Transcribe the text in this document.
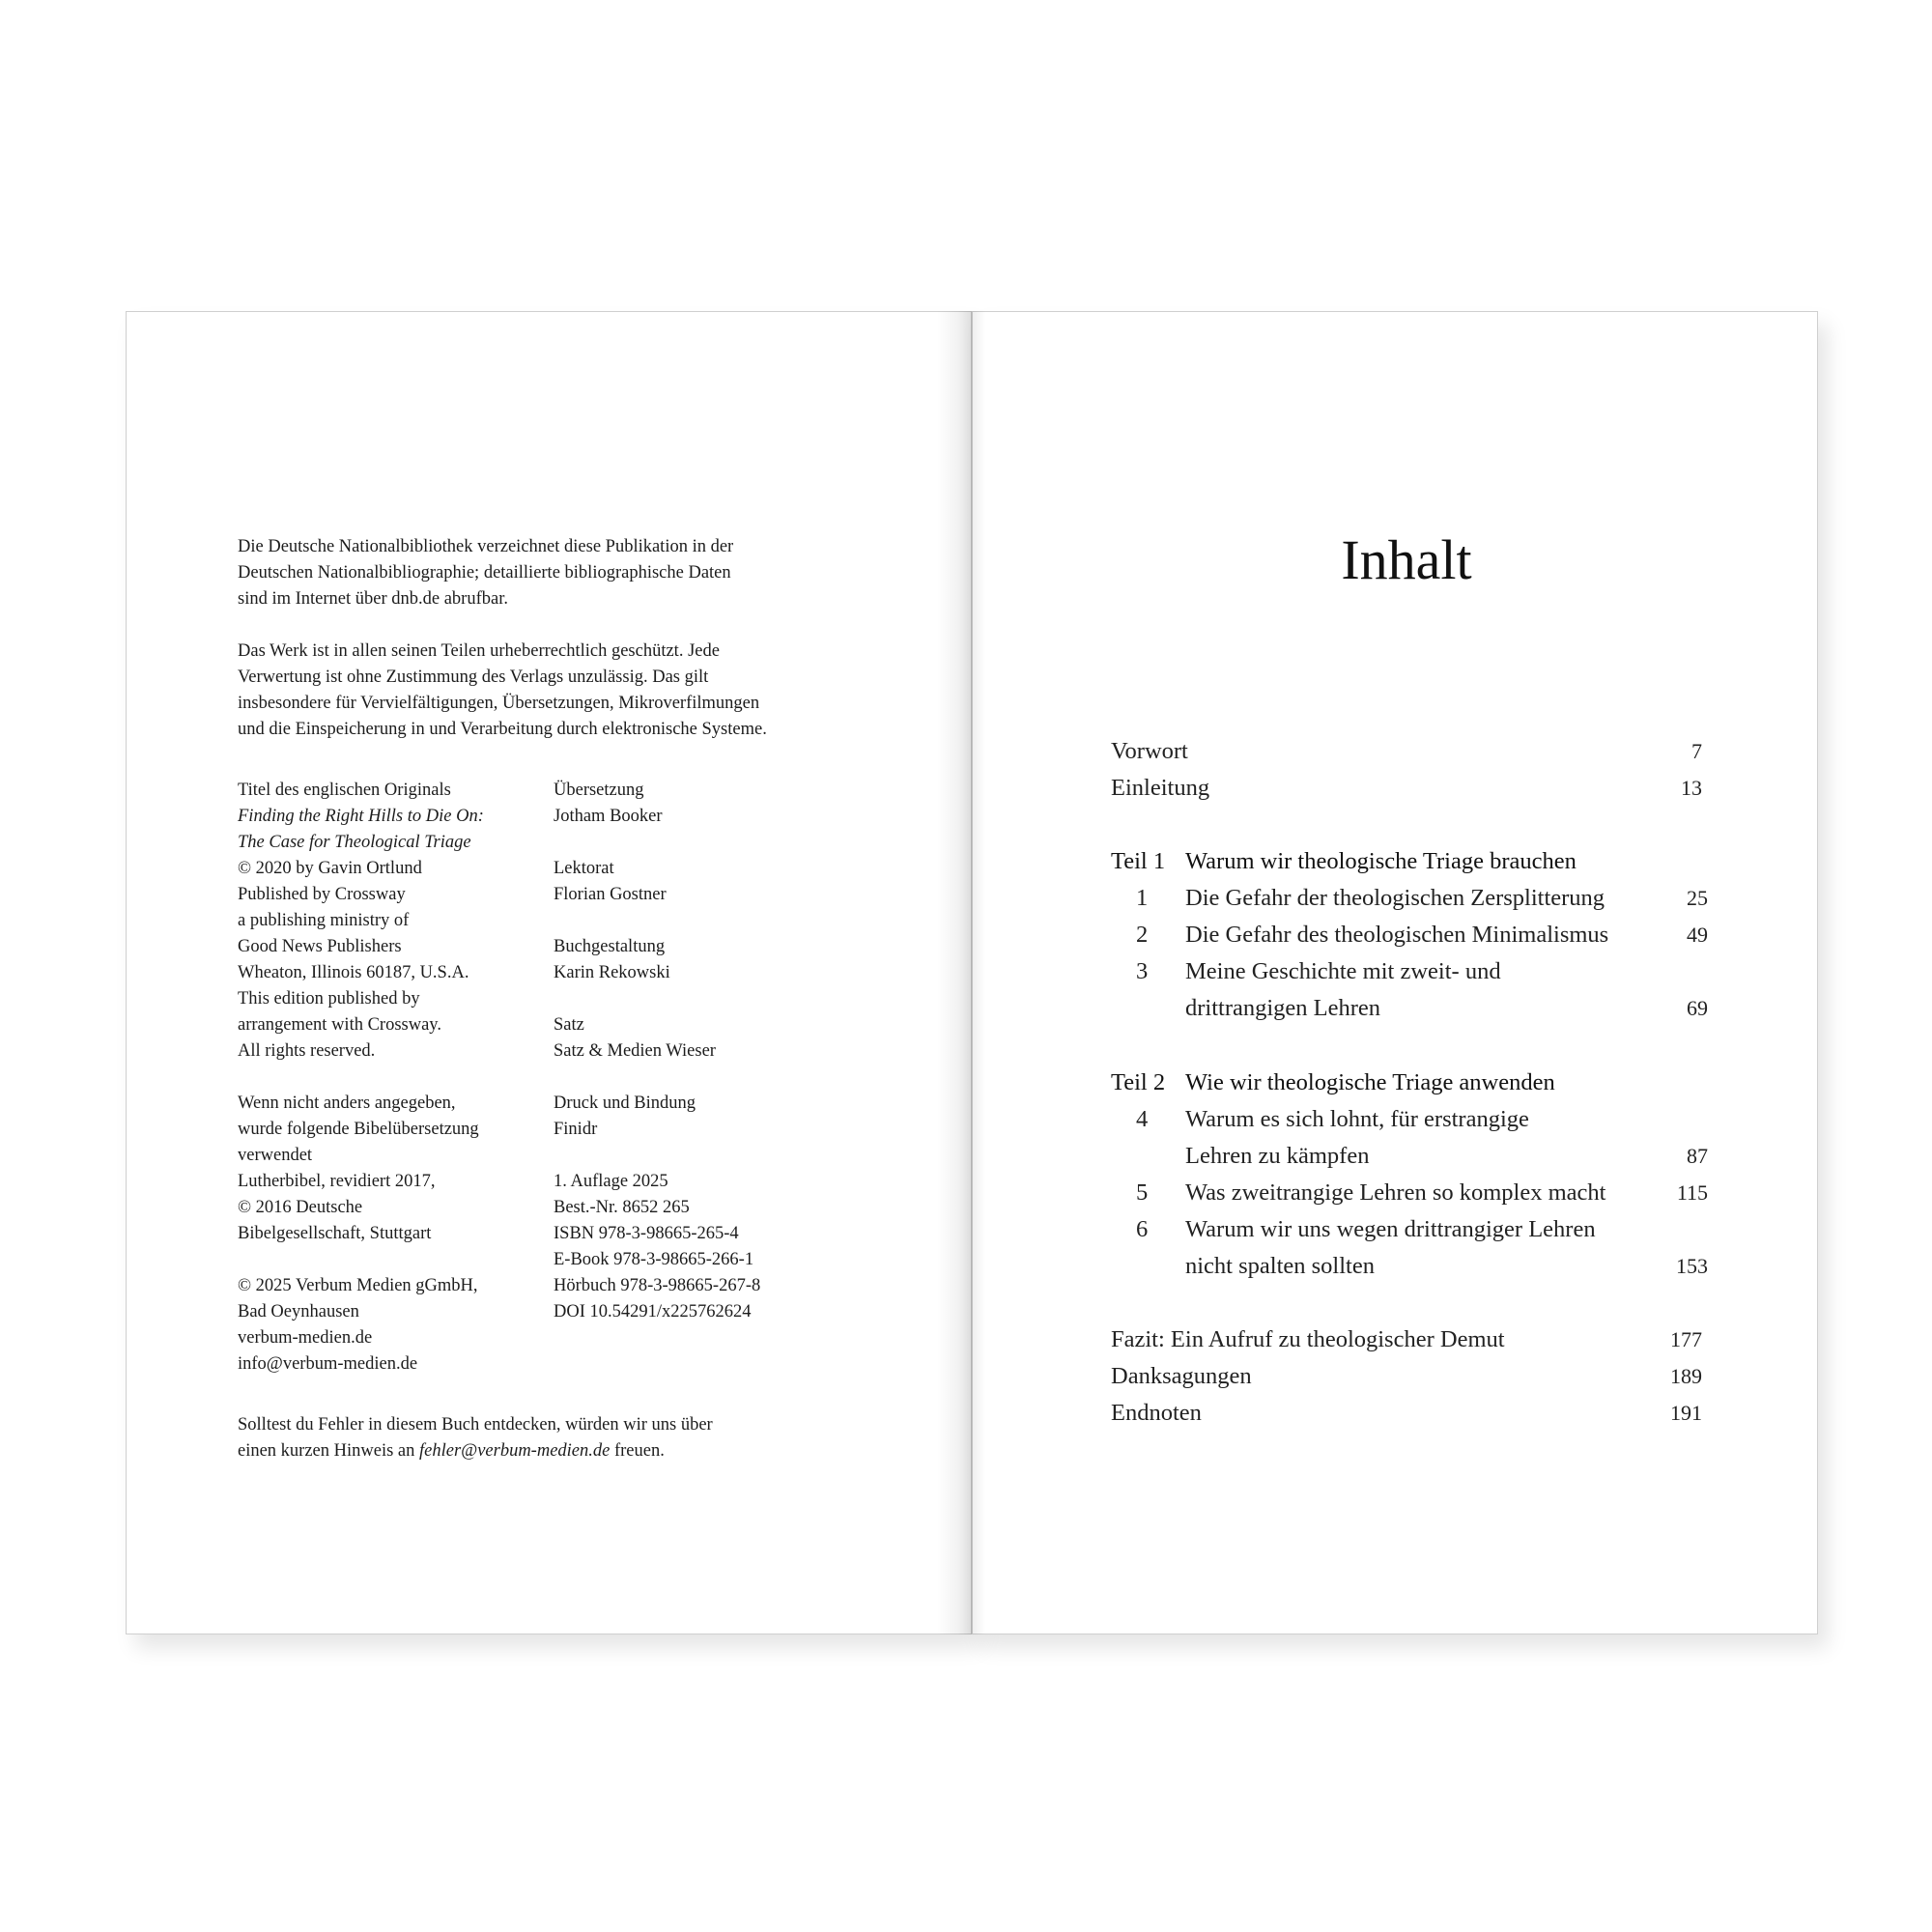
Die Deutsche Nationalbibliothek verzeichnet diese Publikation in der

Deutschen Nationalbibliographie; detaillierte bibliographische Daten

sind im Internet über dnb.de abrufbar.

Das Werk ist in allen seinen Teilen urheberrechtlich geschützt. Jede

Verwertung ist ohne Zustimmung des Verlags unzulässig. Das gilt

insbesondere für Vervielfältigungen, Übersetzungen, Mikroverfilmungen

und die Einspeicherung in und Verarbeitung durch elektronische Systeme.

Titel des englischen Originals

Finding the Right Hills to Die On:

The Case for Theological Triage

© 2020 by Gavin Ortlund

Published by Crossway

a publishing ministry of

Good News Publishers

Wheaton, Illinois 60187, U.S.A.

This edition published by

arrangement with Crossway.

All rights reserved.

Wenn nicht anders angegeben,

wurde folgende Bibelübersetzung

verwendet

Lutherbibel, revidiert 2017,

© 2016 Deutsche

Bibelgesellschaft, Stuttgart

© 2025 Verbum Medien gGmbH,

Bad Oeynhausen

verbum-medien.de

info@verbum-medien.de

Übersetzung

Jotham Booker

Lektorat

Florian Gostner

Buchgestaltung

Karin Rekowski

Satz

Satz & Medien Wieser

Druck und Bindung

Finidr

1. Auflage 2025

Best.-Nr. 8652 265

ISBN 978-3-98665-265-4

E-Book 978-3-98665-266-1

Hörbuch 978-3-98665-267-8

DOI 10.54291/x225762624

Solltest du Fehler in diesem Buch entdecken, würden wir uns über

einen kurzen Hinweis an fehler@verbum-medien.de freuen.

Inhalt
Vorwort	7
Einleitung	13
Teil 1 Warum wir theologische Triage brauchen
1	Die Gefahr der theologischen Zersplitterung	25
2	Die Gefahr des theologischen Minimalismus	49
3	Meine Geschichte mit zweit- und
drittrangigen Lehren	69
Teil 2 Wie wir theologische Triage anwenden
4	Warum es sich lohnt, für erstrangige
Lehren zu kämpfen	87
5	Was zweitrangige Lehren so komplex macht	115
6	Warum wir uns wegen drittrangiger Lehren
nicht spalten sollten	153
Fazit: Ein Aufruf zu theologischer Demut	177
Danksagungen	189
Endnoten	191
